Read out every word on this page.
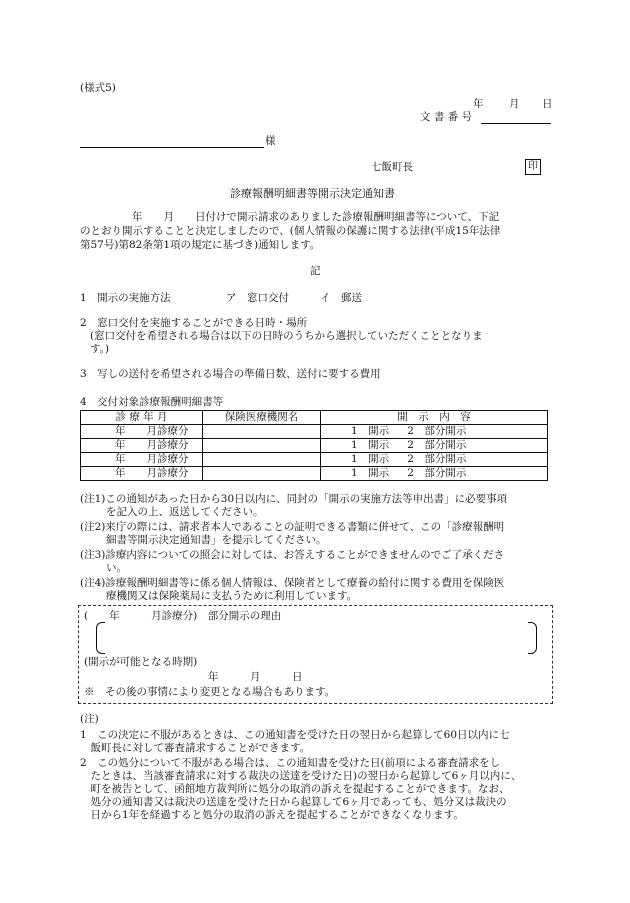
(様式5)
年 月 日
文 書 番 号
様
七飯町長	印
診療報酬明細書等開示決定通知書
年　　月　　日付けで開示請求のありました診療報酬明細書等について、下記
のとおり開示することと決定しましたので、(個人情報の保護に関する法律(平成15年法律
第57号)第82条第1項の規定に基づき)通知します。
記
1　開示の実施方法	ア　窓口交付	イ　郵送
2　窓口交付を実施することができる日時・場所
(窓口交付を希望される場合は以下の日時のうちから選択していただくこととなりま
す。)
3　写しの送付を希望される場合の準備日数、送付に要する費用
4　交付対象診療報酬明細書等
診 療 年 月	保険医療機関名	開　示　内　容
年　　月診療分		1　開示 2　部分開示
年　　月診療分		1　開示 2　部分開示
年　　月診療分		1　開示 2　部分開示
年　　月診療分		1　開示 2　部分開示
(注1)この通知があった日から30日以内に、同封の「開示の実施方法等申出書」に必要事項
を記入の上、返送してください。
(注2)来庁の際には、請求者本人であることの証明できる書類に併せて、この「診療報酬明
細書等開示決定通知書」を提示してください。
(注3)診療内容についての照会に対しては、お答えすることができませんのでご了承くださ
い。
(注4)診療報酬明細書等に係る個人情報は、保険者として療養の給付に関する費用を保険医
療機関又は保険薬局に支払うために利用しています。
(　　年　　　月診療分)　部分開示の理由
(開示が可能となる時期)
年　　　月　　　日
※　その後の事情により変更となる場合もあります。
(注)
1　この決定に不服があるときは、この通知書を受けた日の翌日から起算して60日以内に七
　飯町長に対して審査請求することができます。
2　この処分について不服がある場合は、この通知書を受けた日(前項による審査請求をし
　たときは、当該審査請求に対する裁決の送達を受けた日)の翌日から起算して6ヶ月以内に、
　町を被告として、函館地方裁判所に処分の取消の訴えを提起することができます。なお、
　処分の通知書又は裁決の送達を受けた日から起算して6ヶ月であっても、処分又は裁決の
　日から1年を経過すると処分の取消の訴えを提起することができなくなります。
